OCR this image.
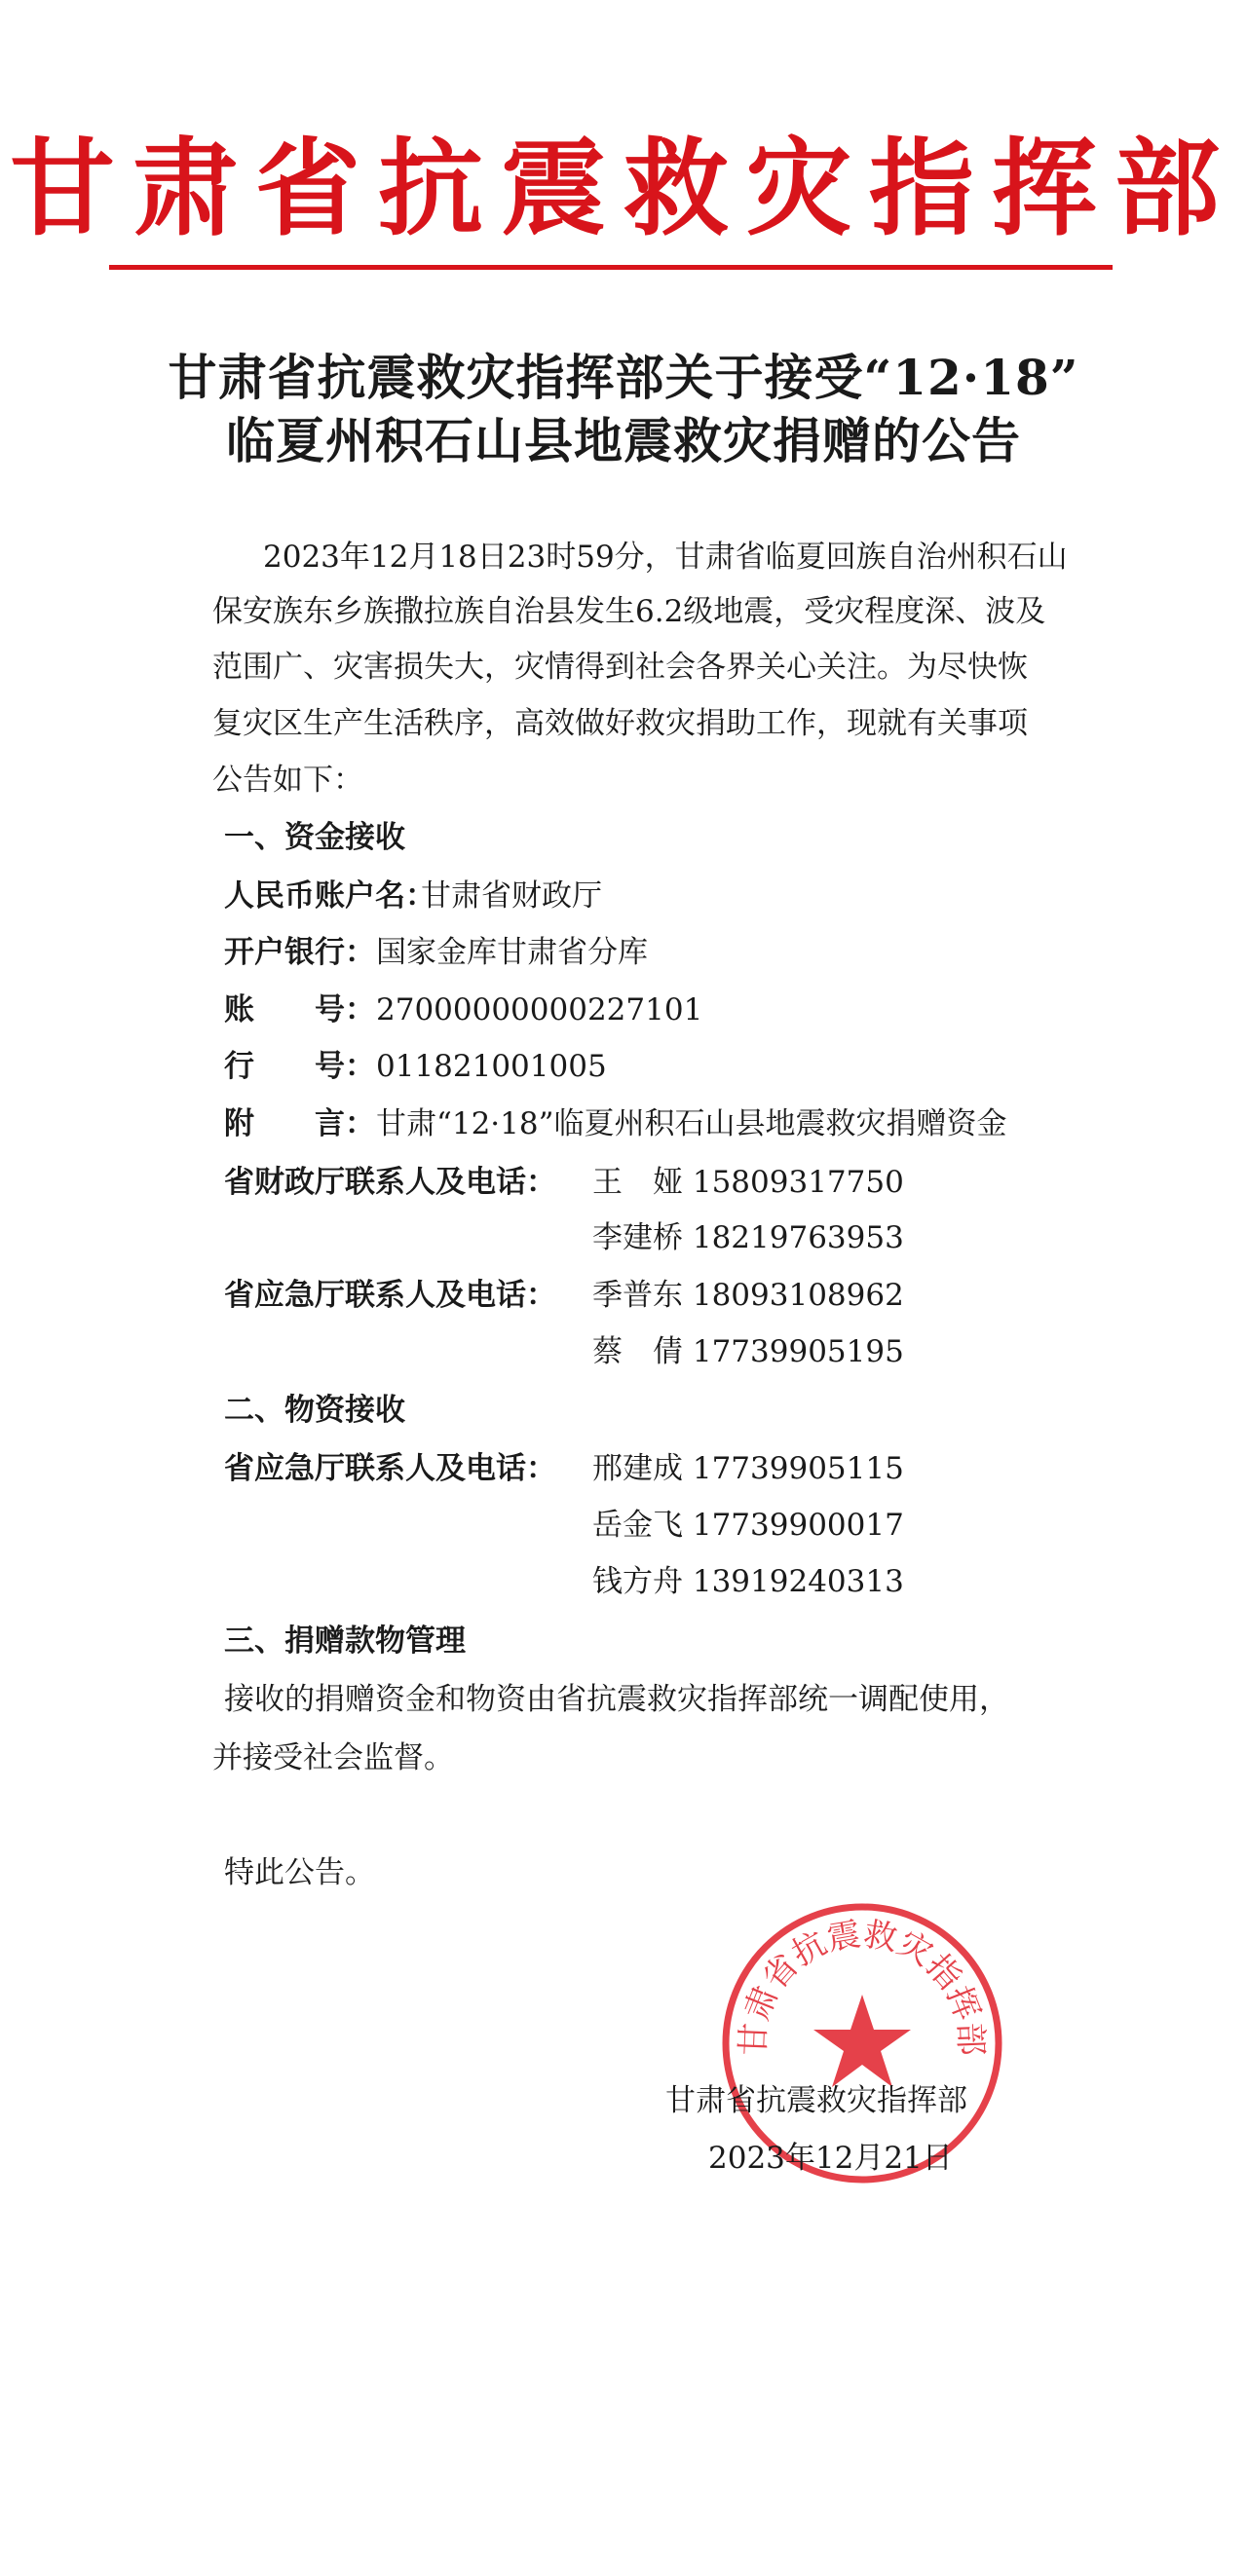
甘肃省抗震救灾指挥部
甘肃省抗震救灾指挥部关于接受“12·18”
临夏州积石山县地震救灾捐赠的公告
2023年12月18日23时59分，甘肃省临夏回族自治州积石山
保安族东乡族撒拉族自治县发生6.2级地震，受灾程度深、波及
范围广、灾害损失大，灾情得到社会各界关心关注。为尽快恢
复灾区生产生活秩序，高效做好救灾捐助工作，现就有关事项
公告如下：
一、资金接收
人民币账户名：
甘肃省财政厅
开户银行： 国家金库甘肃省分库
账　　号： 27000000000227101
行　　号： 011821001005
附　　言： 甘肃“12·18”临夏州积石山县地震救灾捐赠资金
省财政厅联系人及电话： 王　娅 15809317750
李建桥 18219763953
省应急厅联系人及电话： 季普东 18093108962
蔡　倩 17739905195
二、物资接收
省应急厅联系人及电话： 邢建成 17739905115
岳金飞 17739900017
钱方舟 13919240313
三、捐赠款物管理
接收的捐赠资金和物资由省抗震救灾指挥部统一调配使用，
并接受社会监督。
特此公告。
甘肃省抗震救灾指挥部
甘肃省抗震救灾指挥部
2023年12月21日
